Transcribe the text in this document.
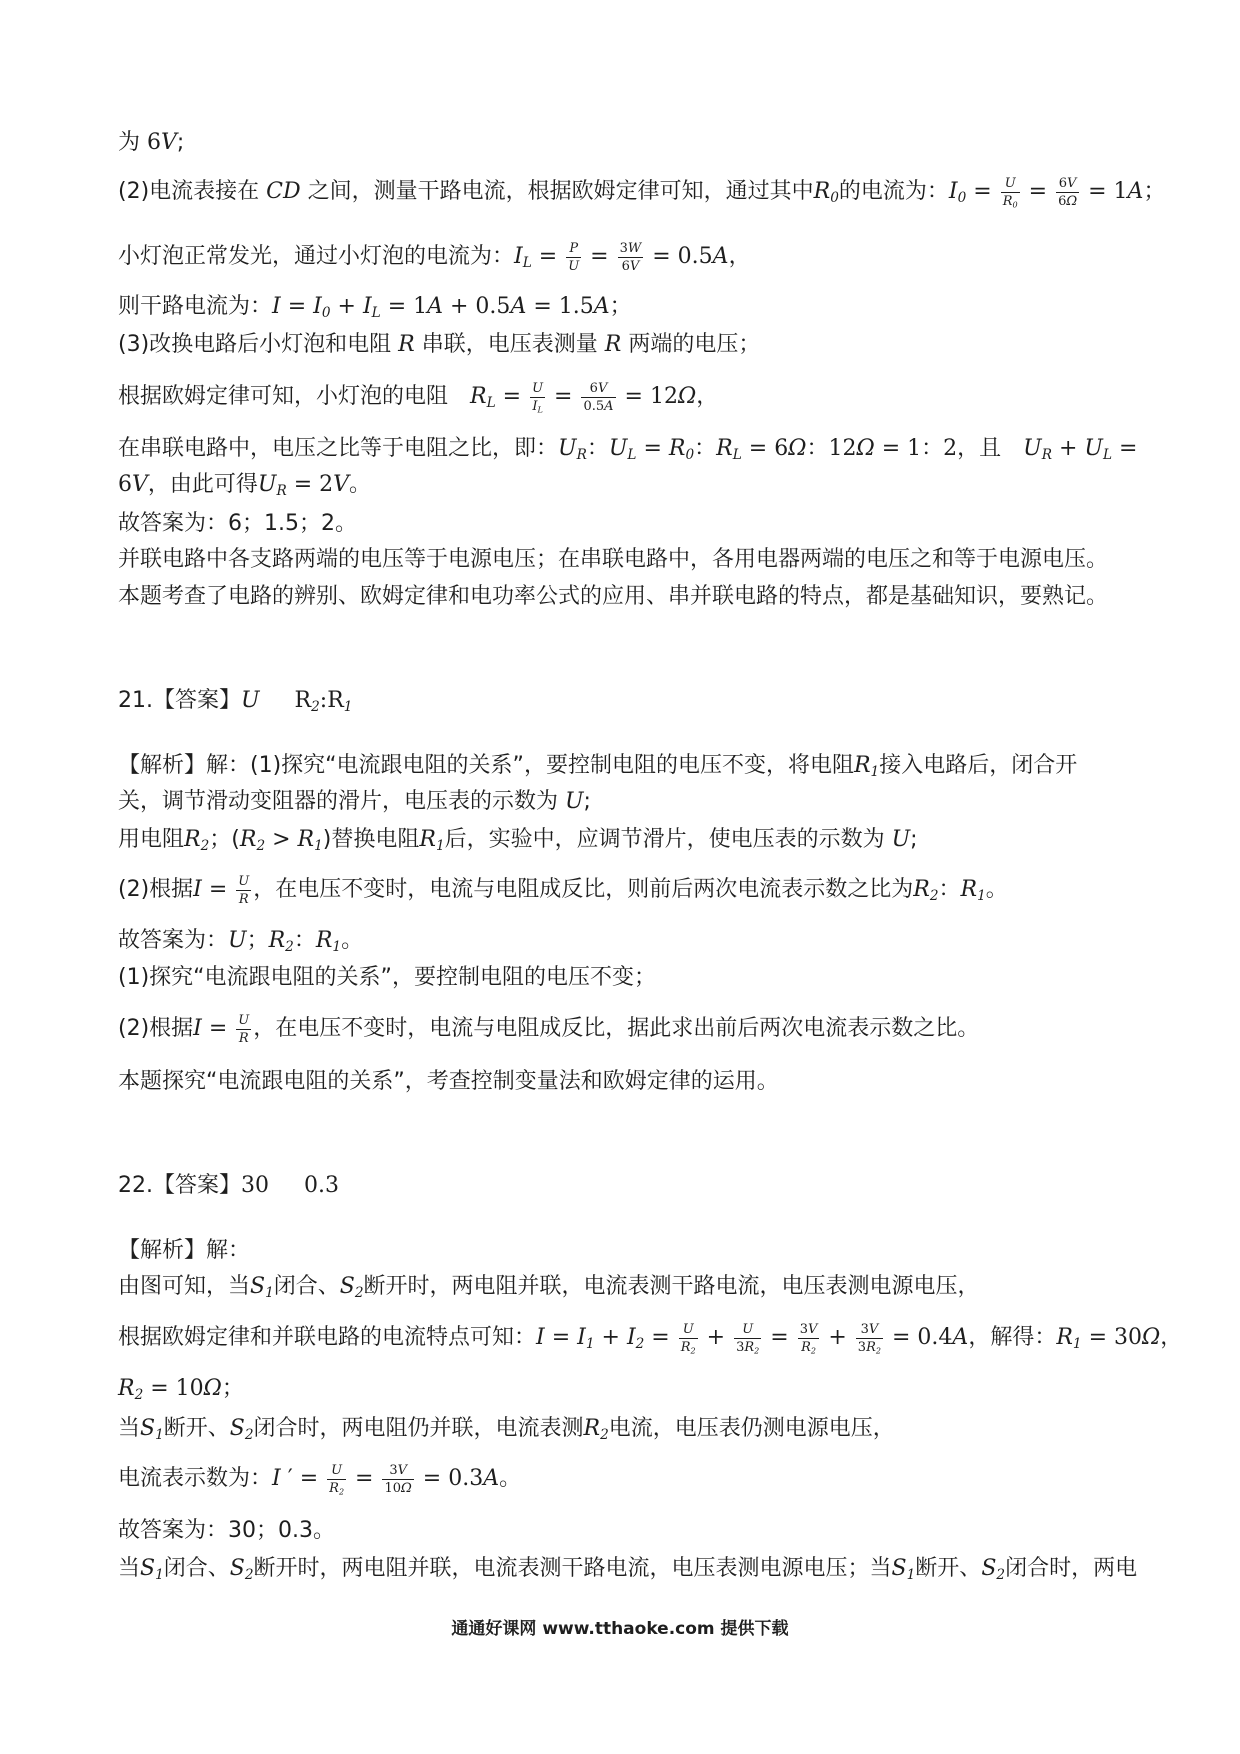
为 6V;
(2)电流表接在 CD 之间，测量干路电流，根据欧姆定律可知，通过其中$R_0$的电流为：$I_0 = \frac{U}{R_0} = \frac{6V}{6\Omega} = 1A$；
小灯泡正常发光，通过小灯泡的电流为：$I_L = \frac{P}{U} = \frac{3W}{6V} = 0.5A$，
则干路电流为：$I = I_0 + I_L = 1A + 0.5A = 1.5A$；
(3)改换电路后小灯泡和电阻 R 串联，电压表测量 R 两端的电压；
根据欧姆定律可知，小灯泡的电阻　$R_L = \frac{U}{I_L} = \frac{6V}{0.5A} = 12\Omega$，
在串联电路中，电压之比等于电阻之比，即：$U_R$：$U_L = R_0$：$R_L = 6\Omega$：12Ω = 1：2，且　$U_R + U_L$ =
6V，由此可得$U_R = 2V$。
故答案为：6；1.5；2。
并联电路中各支路两端的电压等于电源电压；在串联电路中，各用电器两端的电压之和等于电源电压。
本题考查了电路的辨别、欧姆定律和电功率公式的应用、串并联电路的特点，都是基础知识，要熟记。
21.【答案】U $R_2:R_1$
【解析】解：(1)探究“电流跟电阻的关系”，要控制电阻的电压不变，将电阻$R_1$接入电路后，闭合开
关，调节滑动变阻器的滑片，电压表的示数为 U;
用电阻$R_2$；$(R_2 > R_1)$替换电阻$R_1$后，实验中，应调节滑片，使电压表的示数为 U;
(2)根据$I = \frac{U}{R}$ ，在电压不变时，电流与电阻成反比，则前后两次电流表示数之比为$R_2$：$R_1$。
故答案为：U；$R_2$：$R_1$。
(1)探究“电流跟电阻的关系”，要控制电阻的电压不变；
(2)根据$I = \frac{U}{R}$ ，在电压不变时，电流与电阻成反比，据此求出前后两次电流表示数之比。
本题探究“电流跟电阻的关系”，考查控制变量法和欧姆定律的运用。
22.【答案】30     0.3
【解析】解：
由图可知，当$S_1$闭合、$S_2$断开时，两电阻并联，电流表测干路电流，电压表测电源电压，
根据欧姆定律和并联电路的电流特点可知：$I = I_1 + I_2 = \frac{U}{R_2} + \frac{U}{3R_2} = \frac{3V}{R_2} + \frac{3V}{3R_2} = 0.4A$，解得：$R_1 = 30\Omega$，
$R_2 = 10\Omega$；
当$S_1$断开、$S_2$闭合时，两电阻仍并联，电流表测$R_2$电流，电压表仍测电源电压，
电流表示数为：I ′ = $\frac{U}{R_2} = \frac{3V}{10\Omega} = 0.3A$。
故答案为：30；0.3。
当$S_1$闭合、$S_2$断开时，两电阻并联，电流表测干路电流，电压表测电源电压；当$S_1$断开、$S_2$闭合时，两电
通通好课网 www.tthaoke.com 提供下载
